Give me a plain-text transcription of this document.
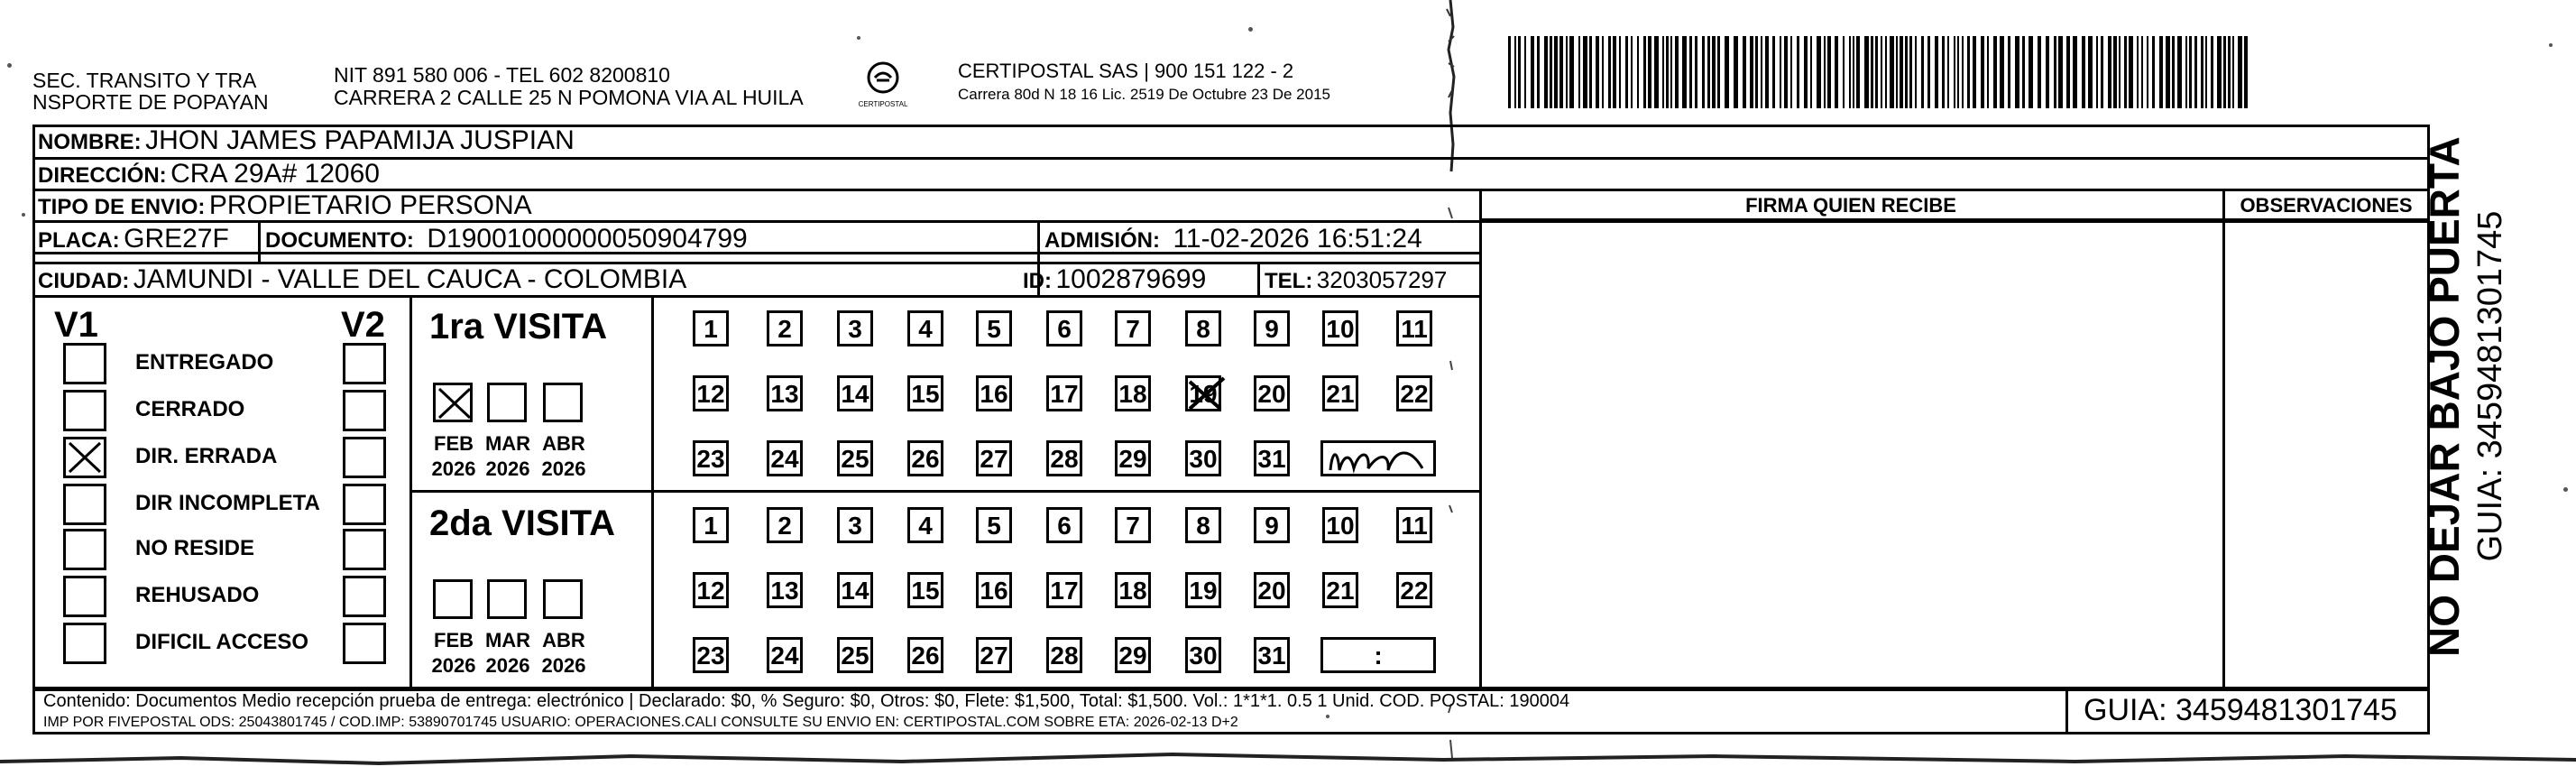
SEC. TRANSITO Y TRA
NSPORTE DE POPAYAN
NIT 891 580 006 - TEL 602 8200810
CARRERA 2 CALLE 25 N POMONA VIA AL HUILA	CERTIPOSTAL
CERTIPOSTAL SAS | 900 151 122 - 2
Carrera 80d N 18 16 Lic. 2519 De Octubre 23 De 2015
NOMBRE: JHON JAMES PAPAMIJA JUSPIAN
DIRECCIÓN: CRA 29A# 12060
TIPO DE ENVIO: PROPIETARIO PERSONA	FIRMA QUIEN RECIBE	OBSERVACIONES
PLACA: GRE27F DOCUMENTO: D19001000000050904799	ADMISIÓN: 11-02-2026 16:51:24
CIUDAD: JAMUNDI - VALLE DEL CAUCA - COLOMBIA	ID: 1002879699	TEL: 3203057297
V1	V2
ENTREGADO
CERRADO
DIR. ERRADA
DIR INCOMPLETA
NO RESIDE
REHUSADO
DIFICIL ACCESO
1ra VISITA
FEB
2026
MAR
2026
ABR
2026
1	2	3	4	5	6	7	8	9	10 11
12 13 14 15 16 17 18 19 20 21 22
23 24 25 26 27 28 29 30 31
2da VISITA
FEB
2026
MAR
2026
ABR
2026
1	2	3	4	5	6	7	8	9	10 11
12 13 14 15 16 17 18 19 20 21 22
23 24 25 26 27 28 29 30 31	:
Contenido: Documentos Medio recepción prueba de entrega: electrónico | Declarado: $0, % Seguro: $0, Otros: $0, Flete: $1,500, Total: $1,500. Vol.: 1*1*1. 0.5 1 Unid. COD. POSTAL: 190004
IMP POR FIVEPOSTAL ODS: 25043801745 / COD.IMP: 53890701745 USUARIO: OPERACIONES.CALI CONSULTE SU ENVIO EN: CERTIPOSTAL.COM SOBRE ETA: 2026-02-13 D+2	GUIA: 3459481301745
NO DEJAR BAJO PUERTA GUIA: 3459481301745
